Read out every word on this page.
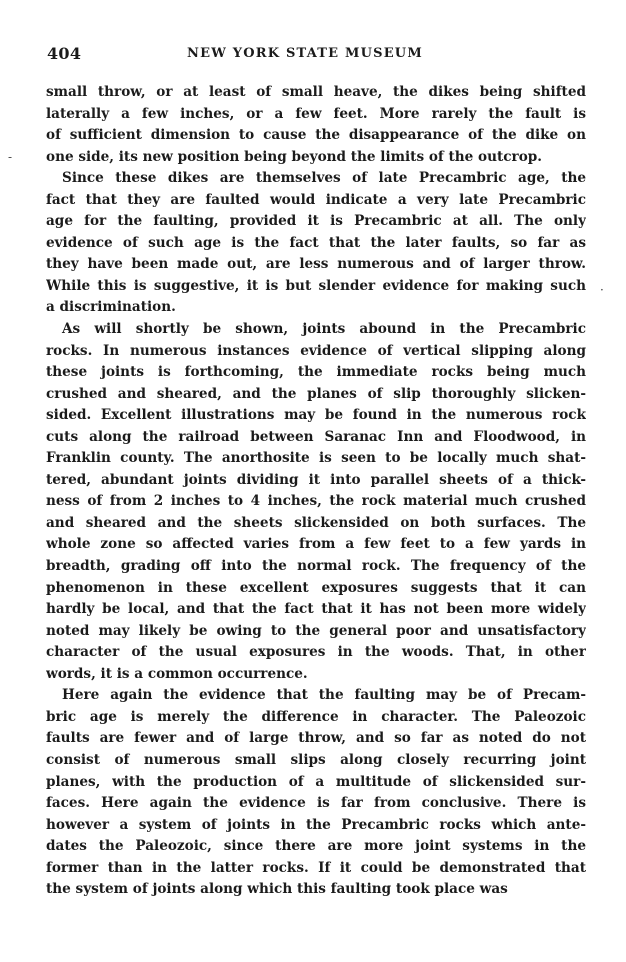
404	NEW YORK STATE MUSEUM
small throw, or at least of small heave, the dikes being shifted
laterally a few inches, or a few feet. More rarely the fault is
of sufficient dimension to cause the disappearance of the dike on
one side, its new position being beyond the limits of the outcrop.
Since these dikes are themselves of late Precambric age, the
fact that they are faulted would indicate a very late Precambric
age for the faulting, provided it is Precambric at all. The only
evidence of such age is the fact that the later faults, so far as
they have been made out, are less numerous and of larger throw.
While this is suggestive, it is but slender evidence for making such
a discrimination.
As will shortly be shown, joints abound in the Precambric
rocks. In numerous instances evidence of vertical slipping along
these joints is forthcoming, the immediate rocks being much
crushed and sheared, and the planes of slip thoroughly slicken-
sided. Excellent illustrations may be found in the numerous rock
cuts along the railroad between Saranac Inn and Floodwood, in
Franklin county. The anorthosite is seen to be locally much shat-
tered, abundant joints dividing it into parallel sheets of a thick-
ness of from 2 inches to 4 inches, the rock material much crushed
and sheared and the sheets slickensided on both surfaces. The
whole zone so affected varies from a few feet to a few yards in
breadth, grading off into the normal rock. The frequency of the
phenomenon in these excellent exposures suggests that it can
hardly be local, and that the fact that it has not been more widely
noted may likely be owing to the general poor and unsatisfactory
character of the usual exposures in the woods. That, in other
words, it is a common occurrence.
Here again the evidence that the faulting may be of Precam-
bric age is merely the difference in character. The Paleozoic
faults are fewer and of large throw, and so far as noted do not
consist of numerous small slips along closely recurring joint
planes, with the production of a multitude of slickensided sur-
faces. Here again the evidence is far from conclusive. There is
however a system of joints in the Precambric rocks which ante-
dates the Paleozoic, since there are more joint systems in the
former than in the latter rocks. If it could be demonstrated that
the system of joints along which this faulting took place was
-
·
